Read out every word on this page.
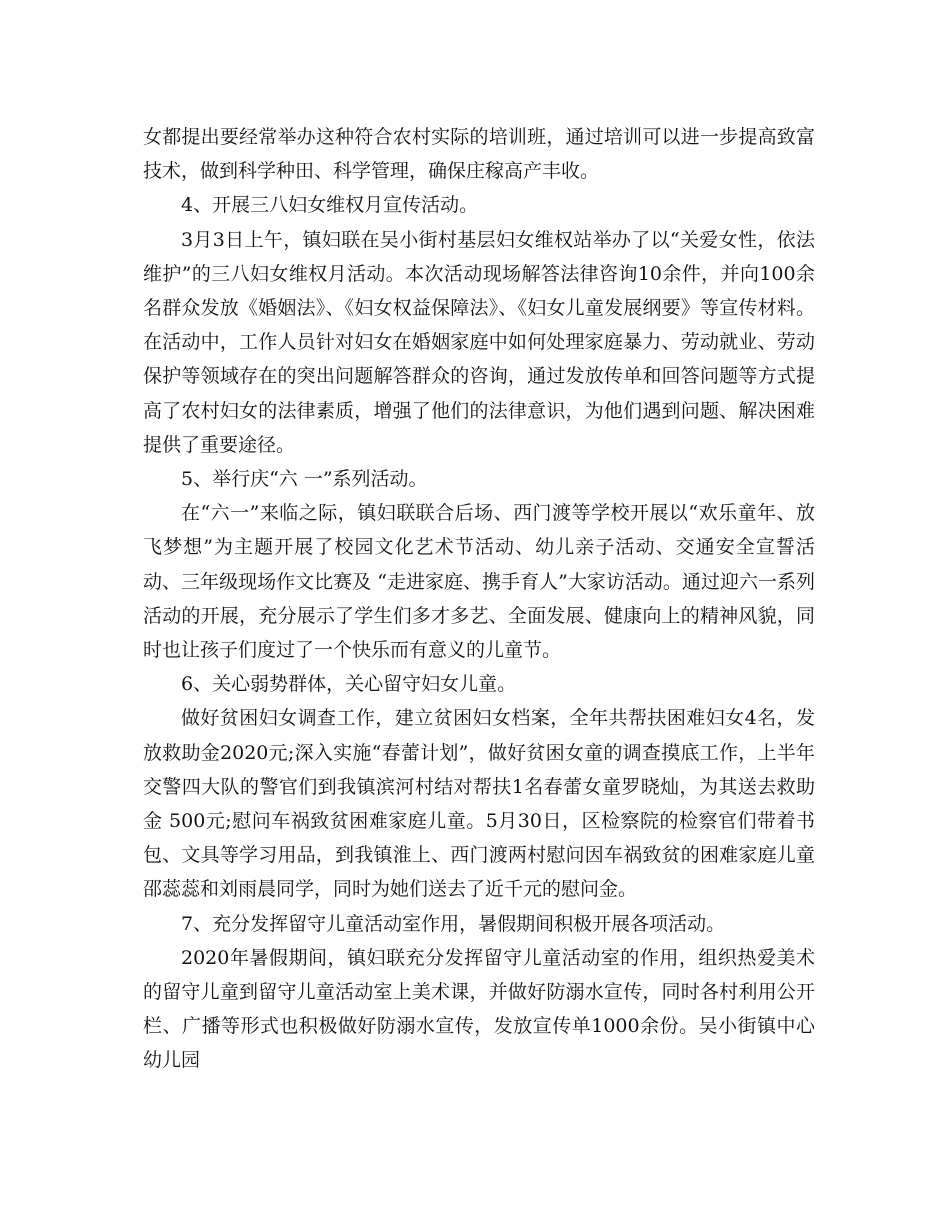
女都提出要经常举办这种符合农村实际的培训班，通过培训可以进一步提高致富技术，做到科学种田、科学管理，确保庄稼高产丰收。

4、开展三八妇女维权月宣传活动。

3月3日上午，镇妇联在吴小街村基层妇女维权站举办了以“关爱女性，依法维护”的三八妇女维权月活动。本次活动现场解答法律咨询10余件，并向100余名群众发放《婚姻法》、《妇女权益保障法》、《妇女儿童发展纲要》等宣传材料。在活动中，工作人员针对妇女在婚姻家庭中如何处理家庭暴力、劳动就业、劳动保护等领域存在的突出问题解答群众的咨询，通过发放传单和回答问题等方式提高了农村妇女的法律素质，增强了他们的法律意识，为他们遇到问题、解决困难提供了重要途径。

5、举行庆“六 一”系列活动。

在“六一”来临之际，镇妇联联合后场、西门渡等学校开展以“欢乐童年、放飞梦想”为主题开展了校园文化艺术节活动、幼儿亲子活动、交通安全宣誓活动、三年级现场作文比赛及 “走进家庭、携手育人”大家访活动。通过迎六一系列活动的开展，充分展示了学生们多才多艺、全面发展、健康向上的精神风貌，同时也让孩子们度过了一个快乐而有意义的儿童节。

6、关心弱势群体，关心留守妇女儿童。

做好贫困妇女调查工作，建立贫困妇女档案，全年共帮扶困难妇女4名，发放救助金2020元;深入实施“春蕾计划”，做好贫困女童的调查摸底工作，上半年交警四大队的警官们到我镇滨河村结对帮扶1名春蕾女童罗晓灿，为其送去救助金 500元;慰问车祸致贫困难家庭儿童。5月30日，区检察院的检察官们带着书包、文具等学习用品，到我镇淮上、西门渡两村慰问因车祸致贫的困难家庭儿童邵蕊蕊和刘雨晨同学，同时为她们送去了近千元的慰问金。

7、充分发挥留守儿童活动室作用，暑假期间积极开展各项活动。

2020年暑假期间，镇妇联充分发挥留守儿童活动室的作用，组织热爱美术的留守儿童到留守儿童活动室上美术课，并做好防溺水宣传，同时各村利用公开栏、广播等形式也积极做好防溺水宣传，发放宣传单1000余份。吴小街镇中心幼儿园
